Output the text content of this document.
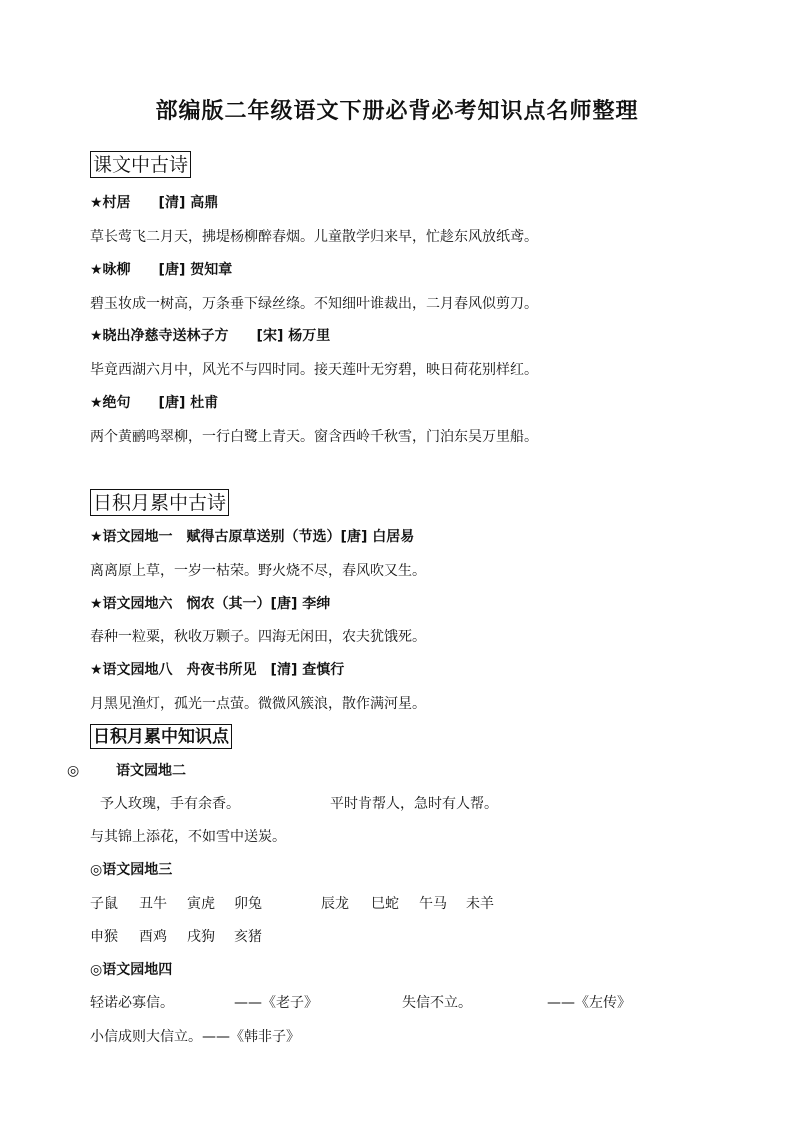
部编版二年级语文下册必背必考知识点名师整理
课文中古诗
★村居　　[清] 高鼎
草长莺飞二月天，拂堤杨柳醉春烟。儿童散学归来早，忙趁东风放纸鸢。
★咏柳　　[唐] 贺知章
碧玉妆成一树高，万条垂下绿丝绦。不知细叶谁裁出，二月春风似剪刀。
★晓出净慈寺送林子方　　[宋] 杨万里
毕竟西湖六月中，风光不与四时同。接天莲叶无穷碧，映日荷花别样红。
★绝句　　[唐] 杜甫
两个黄鹂鸣翠柳，一行白鹭上青天。窗含西岭千秋雪，门泊东吴万里船。
日积月累中古诗
★语文园地一　赋得古原草送别（节选）[唐] 白居易
离离原上草，一岁一枯荣。野火烧不尽，春风吹又生。
★语文园地六　悯农（其一）[唐] 李绅
春种一粒粟，秋收万颗子。四海无闲田，农夫犹饿死。
★语文园地八　舟夜书所见　[清] 查慎行
月黑见渔灯，孤光一点萤。微微风簇浪，散作满河星。
日积月累中知识点
◎	语文园地二
予人玫瑰，手有余香。	平时肯帮人，急时有人帮。
与其锦上添花，不如雪中送炭。
◎语文园地三
子鼠 丑牛 寅虎 卯兔	辰龙 巳蛇 午马 未羊
申猴 酉鸡 戌狗 亥猪
◎语文园地四
轻诺必寡信。	——《老子》	失信不立。	——《左传》
小信成则大信立。——《韩非子》
